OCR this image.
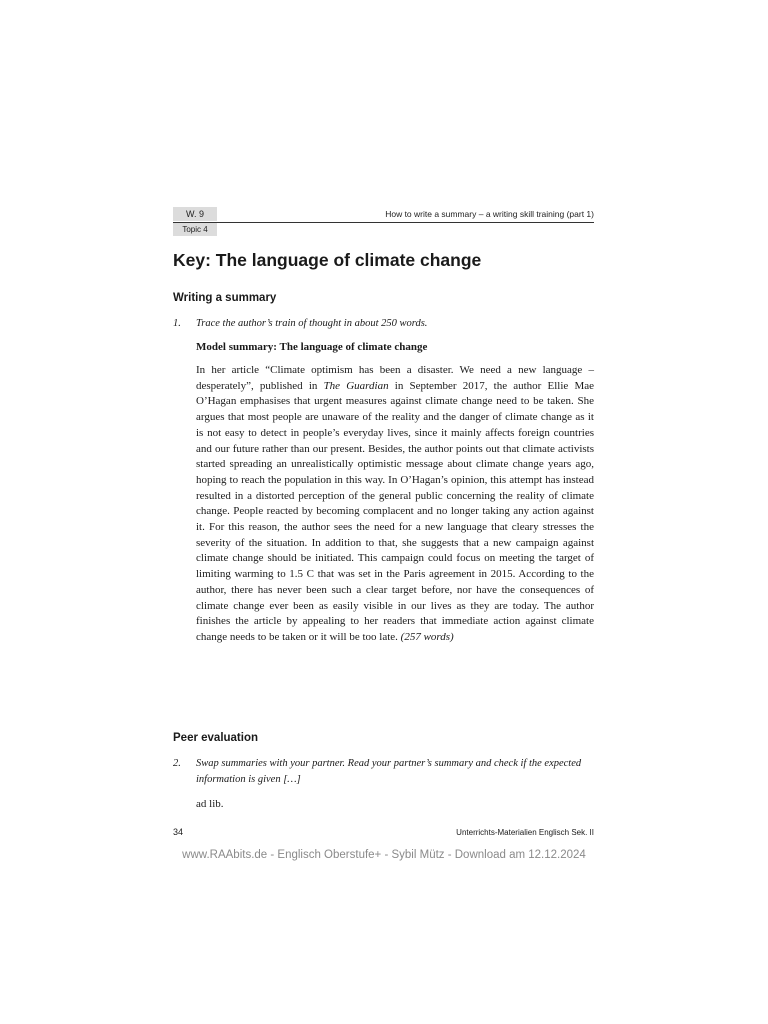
W. 9	How to write a summary – a writing skill training (part 1)
Topic 4
Key: The language of climate change
Writing a summary
1. Trace the author’s train of thought in about 250 words.
Model summary: The language of climate change

In her article “Climate optimism has been a disaster. We need a new language – desperately”, published in The Guardian in September 2017, the author Ellie Mae O’Hagan emphasises that urgent measures against climate change need to be taken. She argues that most people are unaware of the reality and the danger of climate change as it is not easy to detect in people’s everyday lives, since it mainly affects foreign countries and our future rather than our present. Besides, the author points out that climate activists started spreading an unrealistically optimistic message about climate change years ago, hoping to reach the population in this way. In O’Hagan’s opinion, this attempt has instead resulted in a distorted perception of the general public concerning the reality of climate change. People reacted by becoming complacent and no longer taking any action against it. For this reason, the author sees the need for a new language that cleary stresses the severity of the situation. In addition to that, she suggests that a new campaign against climate change should be initiated. This campaign could focus on meeting the target of limiting warming to 1.5 C that was set in the Paris agreement in 2015. According to the author, there has never been such a clear target before, nor have the consequences of climate change ever been as easily visible in our lives as they are today. The author finishes the article by appealing to her readers that immediate action against climate change needs to be taken or it will be too late. (257 words)

Peer evaluation
2. Swap summaries with your partner. Read your partner’s summary and check if the expected information is given […]
ad lib.
34	Unterrichts-Materialien Englisch Sek. II
www.RAAbits.de - Englisch Oberstufe+ - Sybil Mütz - Download am 12.12.2024
